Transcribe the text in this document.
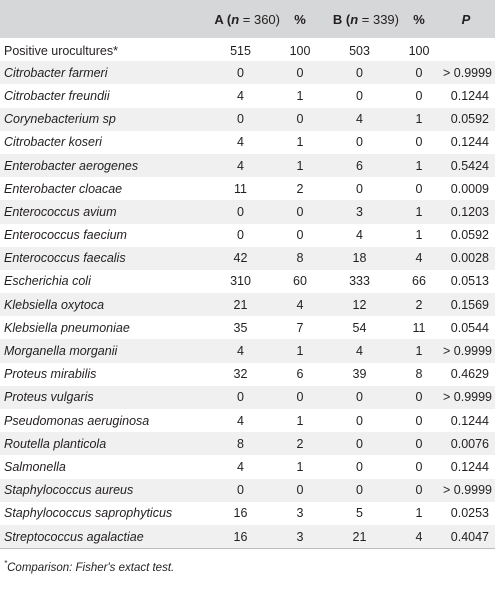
	A (n = 360)	%	B (n = 339)	%	P
Positive urocultures*	515	100	503	100	
Citrobacter farmeri	0	0	0	0	> 0.9999
Citrobacter freundii	4	1	0	0	0.1244
Corynebacterium sp	0	0	4	1	0.0592
Citrobacter koseri	4	1	0	0	0.1244
Enterobacter aerogenes	4	1	6	1	0.5424
Enterobacter cloacae	11	2	0	0	0.0009
Enterococcus avium	0	0	3	1	0.1203
Enterococcus faecium	0	0	4	1	0.0592
Enterococcus faecalis	42	8	18	4	0.0028
Escherichia coli	310	60	333	66	0.0513
Klebsiella oxytoca	21	4	12	2	0.1569
Klebsiella pneumoniae	35	7	54	11	0.0544
Morganella morganii	4	1	4	1	> 0.9999
Proteus mirabilis	32	6	39	8	0.4629
Proteus vulgaris	0	0	0	0	> 0.9999
Pseudomonas aeruginosa	4	1	0	0	0.1244
Routella planticola	8	2	0	0	0.0076
Salmonella	4	1	0	0	0.1244
Staphylococcus aureus	0	0	0	0	> 0.9999
Staphylococcus saprophyticus	16	3	5	1	0.0253
Streptococcus agalactiae	16	3	21	4	0.4047
*Comparison: Fisher's extact test.
